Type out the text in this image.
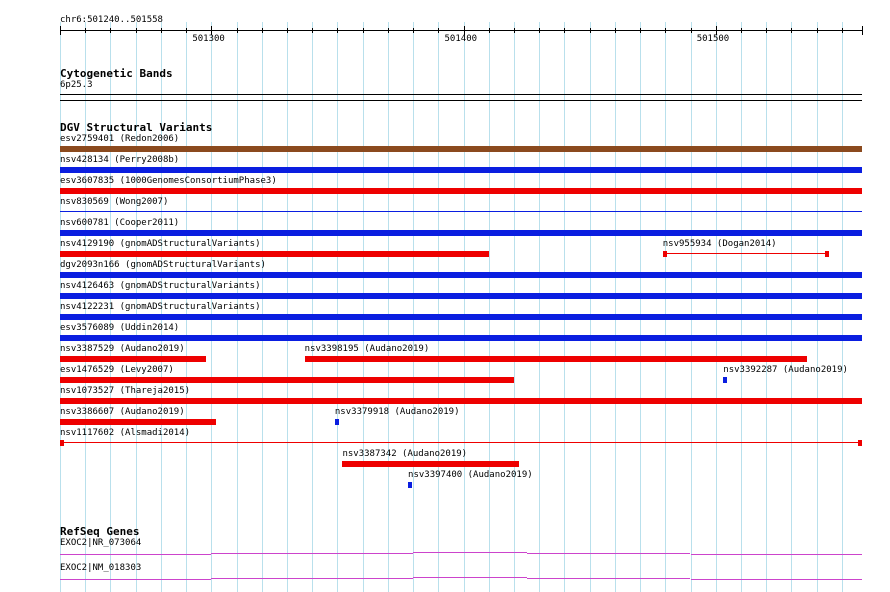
chr6:501240..501558
501300	501400	501500
Cytogenetic Bands
6p25.3
DGV Structural Variants
esv2759401 (Redon2006)
nsv428134 (Perry2008b)
esv3607835 (1000GenomesConsortiumPhase3)
nsv830569 (Wong2007)
nsv600781 (Cooper2011)
nsv4129190 (gnomADStructuralVariants)	nsv955934 (Dogan2014)
dgv2093n166 (gnomADStructuralVariants)
nsv4126463 (gnomADStructuralVariants)
nsv4122231 (gnomADStructuralVariants)
esv3576089 (Uddin2014)
nsv3387529 (Audano2019)	nsv3398195 (Audano2019)
esv1476529 (Levy2007)	nsv3392287 (Audano2019)
nsv1073527 (Thareja2015)
nsv3386607 (Audano2019)	nsv3379918 (Audano2019)
nsv1117602 (Alsmadi2014)
nsv3387342 (Audano2019)
nsv3397400 (Audano2019)
RefSeq Genes
EXOC2|NR_073064
EXOC2|NM_018303
